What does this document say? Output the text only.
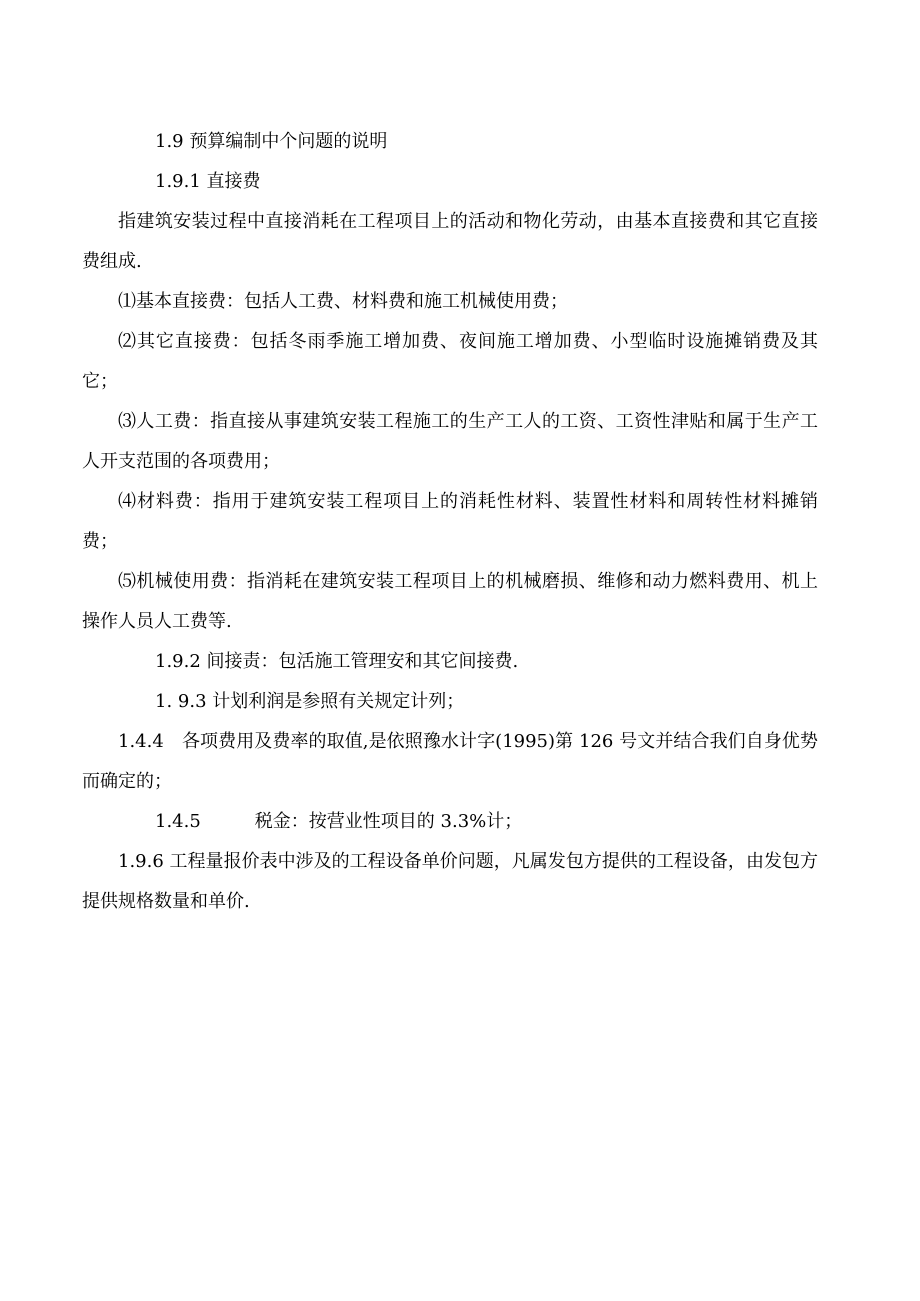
1.9 预算编制中个问题的说明

1.9.1 直接费

指建筑安装过程中直接消耗在工程项目上的活动和物化劳动，由基本直接费和其它直接费组成.

⑴基本直接费：包括人工费、材料费和施工机械使用费；

⑵其它直接费：包括冬雨季施工增加费、夜间施工增加费、小型临时设施摊销费及其它；

⑶人工费：指直接从事建筑安装工程施工的生产工人的工资、工资性津贴和属于生产工人开支范围的各项费用；

⑷材料费：指用于建筑安装工程项目上的消耗性材料、装置性材料和周转性材料摊销费；

⑸机械使用费：指消耗在建筑安装工程项目上的机械磨损、维修和动力燃料费用、机上操作人员人工费等.

1.9.2 间接责：包活施工管理安和其它间接费.

1. 9.3 计划利润是参照有关规定计列；

1.4.4　各项费用及费率的取值,是依照豫水计字(1995)第 126 号文并结合我们自身优势而确定的；

1.4.5　　　税金：按营业性项目的 3.3%计；

1.9.6 工程量报价表中涉及的工程设备单价问题，凡属发包方提供的工程设备，由发包方提供规格数量和单价.
